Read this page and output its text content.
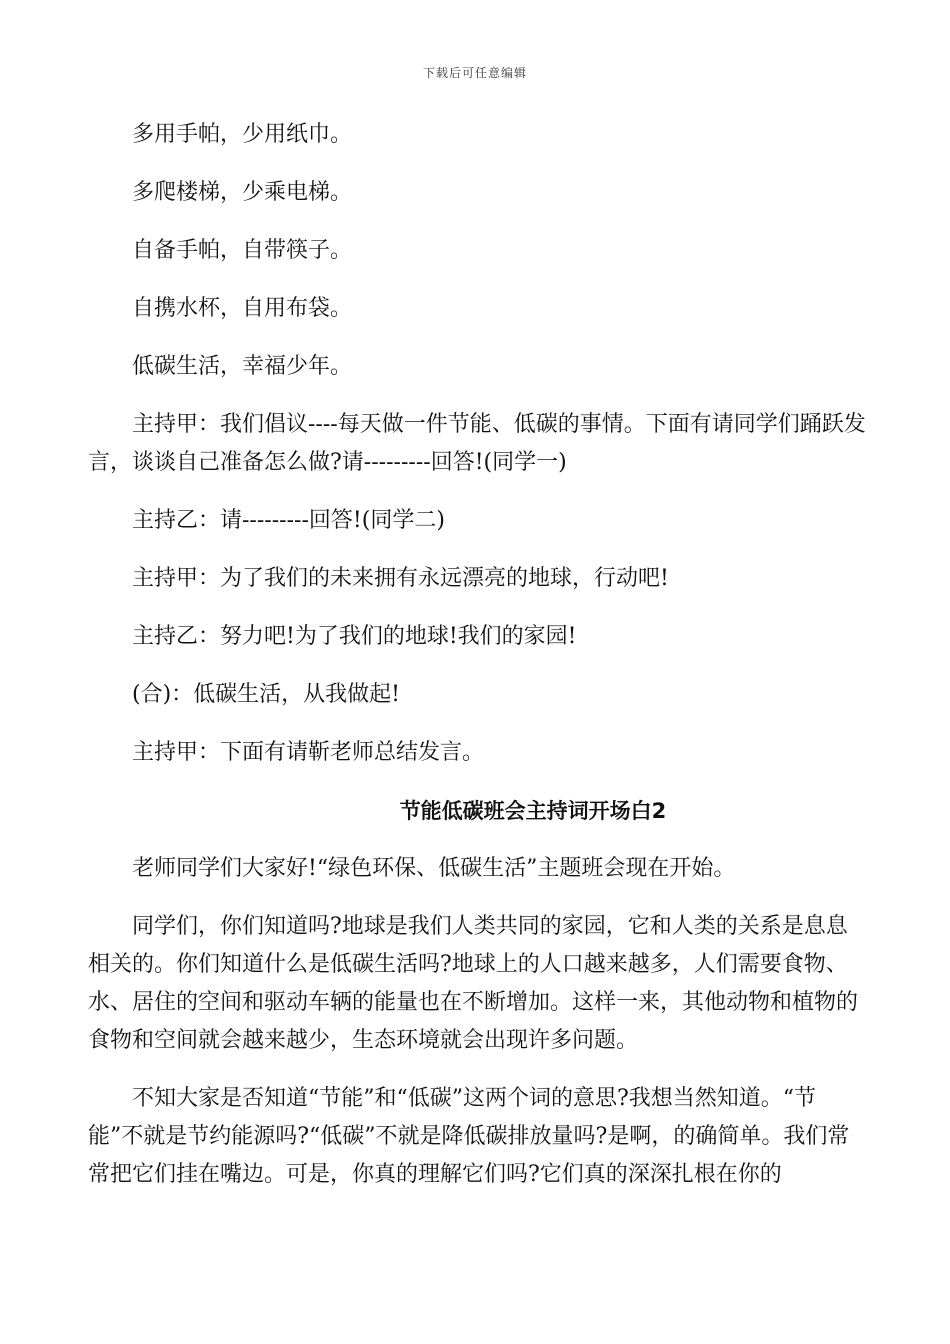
下载后可任意编辑

多用手帕，少用纸巾。

多爬楼梯，少乘电梯。

自备手帕，自带筷子。

自携水杯，自用布袋。

低碳生活，幸福少年。

主持甲：我们倡议----每天做一件节能、低碳的事情。下面有请同学们踊跃发言，谈谈自己准备怎么做?请---------回答!(同学一)

主持乙：请---------回答!(同学二)

主持甲：为了我们的未来拥有永远漂亮的地球，行动吧!

主持乙：努力吧!为了我们的地球!我们的家园!

(合)：低碳生活，从我做起!

主持甲：下面有请靳老师总结发言。

节能低碳班会主持词开场白2

老师同学们大家好!“绿色环保、低碳生活”主题班会现在开始。

同学们，你们知道吗?地球是我们人类共同的家园，它和人类的关系是息息相关的。你们知道什么是低碳生活吗?地球上的人口越来越多，人们需要食物、水、居住的空间和驱动车辆的能量也在不断增加。这样一来，其他动物和植物的食物和空间就会越来越少，生态环境就会出现许多问题。

不知大家是否知道“节能”和“低碳”这两个词的意思?我想当然知道。“节能”不就是节约能源吗?“低碳”不就是降低碳排放量吗?是啊，的确简单。我们常常把它们挂在嘴边。可是，你真的理解它们吗?它们真的深深扎根在你的
